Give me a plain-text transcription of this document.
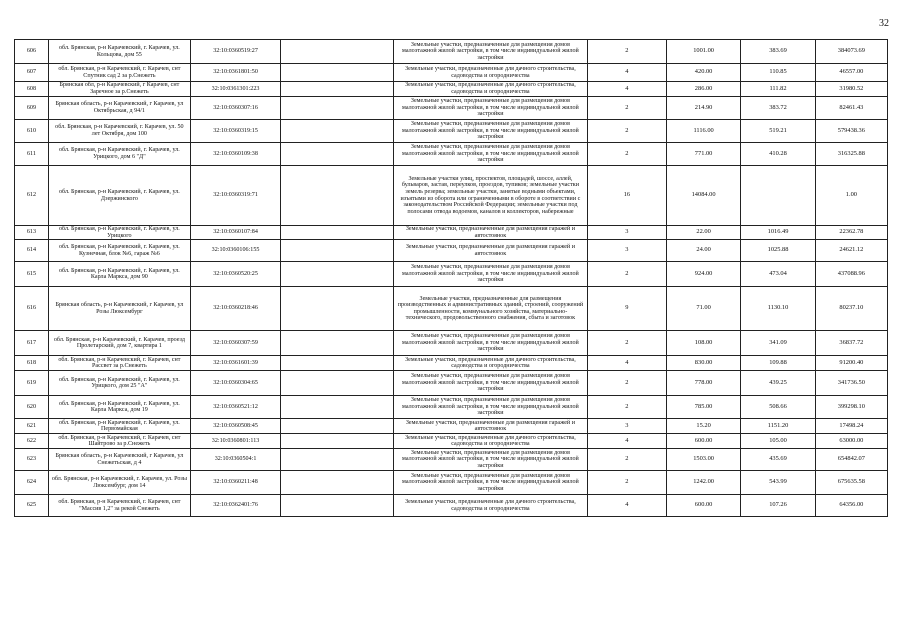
32
606	обл. Брянская, р-н Карачевский, г. Карачев, ул. Кольцова, дом 55	32:10:0360519:27		Земельные участки, предназначенные для размещения домов малоэтажной жилой застройки, в том числе индивидуальной жилой застройки	2	1001.00	383.69	384073.69
607	обл. Брянская, р-н Карачевский, г. Карачев, снт Спутник сад 2 за р.Снежеть	32:10:0361801:50		Земельные участки, предназначенные для дачного строительства, садоводства и огородничества	4	420.00	110.85	46557.00
608	Брянская обл, р-н Карачевский, г Карачев, снт Заречное за р.Снежеть	32:10:0361301:223		Земельные участки, предназначенные для дачного строительства, садоводства и огородничества	4	286.00	111.82	31980.52
609	Брянская область, р-н Карачевский, г Карачев, ул Октябрьская, д 94/1	32:10:0360307:16		Земельные участки, предназначенные для размещения домов малоэтажной жилой застройки, в том числе индивидуальной жилой застройки	2	214.90	383.72	82461.43
610	обл. Брянская, р-н Карачевский, г. Карачев, ул. 50 лет Октября, дом 100	32:10:0360319:15		Земельные участки, предназначенные для размещения домов малоэтажной жилой застройки, в том числе индивидуальной жилой застройки	2	1116.00	519.21	579438.36
611	обл. Брянская, р-н Карачевский, г. Карачев, ул. Урицкого, дом 6 "Д"	32:10:0360109:38		Земельные участки, предназначенные для размещения домов малоэтажной жилой застройки, в том числе индивидуальной жилой застройки	2	771.00	410.28	316325.88
612	обл. Брянская, р-н Карачевский, г. Карачев, ул. Дзержинского	32:10:0360319:71		Земельные участки улиц, проспектов, площадей, шоссе, аллей, бульваров, застав, переулков, проездов, тупиков; земельные участки земель резерва; земельные участки, занятые водными объектами, изъятыми из оборота или ограниченными в обороте в соответствии с законодательством Российской Федерации; земельные участки под полосами отвода водоемов, каналов и коллекторов, набережные	16	14084.00		1.00
613	обл. Брянская, р-н Карачевский, г. Карачев, ул. Урицкого	32:10:0360107:84		Земельные участки, предназначенные для размещения гаражей и автостоянок	3	22.00	1016.49	22362.78
614	обл. Брянская, р-н Карачевский, г. Карачев, ул. Кузнечная, блок №6, гараж №6	32:10:0360106:155		Земельные участки, предназначенные для размещения гаражей и автостоянок	3	24.00	1025.88	24621.12
615	обл. Брянская, р-н Карачевский, г. Карачев, ул. Карла Маркса, дом 90	32:10:0360520:25		Земельные участки, предназначенные для размещения домов малоэтажной жилой застройки, в том числе индивидуальной жилой застройки	2	924.00	473.04	437088.96
616	Брянская область, р-н Карачевский, г Карачев, ул Розы Люксембург	32:10:0360218:46		Земельные участки, предназначенные для размещения производственных и административных зданий, строений, сооружений промышленности, коммунального хозяйства, материально-технического, продовольственного снабжения, сбыта и заготовок	9	71.00	1130.10	80237.10
617	обл. Брянская, р-н Карачевский, г. Карачев, проезд Пролетарский, дом 7, квартира 1	32:10:0360307:59		Земельные участки, предназначенные для размещения домов малоэтажной жилой застройки, в том числе индивидуальной жилой застройки	2	108.00	341.09	36837.72
618	обл. Брянская, р-н Карачевский, г. Карачев, снт Рассвет за р.Снежеть	32:10:0361601:39		Земельные участки, предназначенные для дачного строительства, садоводства и огородничества	4	830.00	109.88	91200.40
619	обл. Брянская, р-н Карачевский, г. Карачев, ул. Урицкого, дом 25 "А"	32:10:0360304:65		Земельные участки, предназначенные для размещения домов малоэтажной жилой застройки, в том числе индивидуальной жилой застройки	2	778.00	439.25	341736.50
620	обл. Брянская, р-н Карачевский, г. Карачев, ул. Карла Маркса, дом 19	32:10:0360521:12		Земельные участки, предназначенные для размещения домов малоэтажной жилой застройки, в том числе индивидуальной жилой застройки	2	785.00	508.66	399298.10
621	обл. Брянская, р-н Карачевский, г. Карачев, ул. Первомайская	32:10:0360508:45		Земельные участки, предназначенные для размещения гаражей и автостоянок	3	15.20	1151.20	17498.24
622	обл. Брянская, р-н Карачевский, г. Карачев, снт Шайтрово за р.Снежеть	32:10:0360801:113		Земельные участки, предназначенные для дачного строительства, садоводства и огородничества	4	600.00	105.00	63000.00
623	Брянская область, р-н Карачевский, г Карачев, ул Снежетьская, д 4	32:10:0360504:1		Земельные участки, предназначенные для размещения домов малоэтажной жилой застройки, в том числе индивидуальной жилой застройки	2	1503.00	435.69	654842.07
624	обл. Брянская, р-н Карачевский, г. Карачев, ул. Розы Люксембург, дом 14	32:10:0360211:48		Земельные участки, предназначенные для размещения домов малоэтажной жилой застройки, в том числе индивидуальной жилой застройки	2	1242.00	543.99	675635.58
625	обл. Брянская, р-н Карачевский, г. Карачев, снт "Массив 1,2" за рекой Снежеть	32:10:0362401:76		Земельные участки, предназначенные для дачного строительства, садоводства и огородничества	4	600.00	107.26	64356.00
